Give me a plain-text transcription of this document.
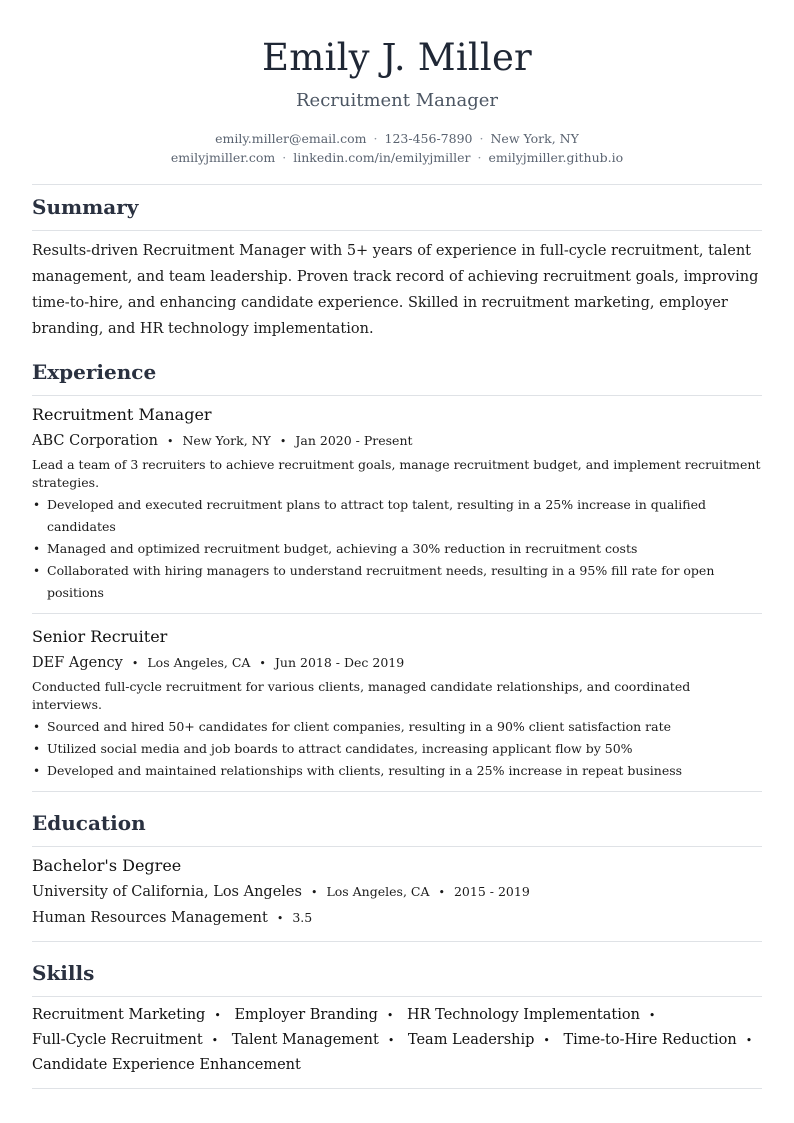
Emily J. Miller
Recruitment Manager
emily.miller@email.com · 123-456-7890 · New York, NY
emilyjmiller.com · linkedin.com/in/emilyjmiller · emilyjmiller.github.io
Summary

Results-driven Recruitment Manager with 5+ years of experience in full-cycle recruitment, talent management, and team leadership. Proven track record of achieving recruitment goals, improving time-to-hire, and enhancing candidate experience. Skilled in recruitment marketing, employer branding, and HR technology implementation.

Experience
Recruitment Manager
ABC Corporation • New York, NY • Jan 2020 - Present
Lead a team of 3 recruiters to achieve recruitment goals, manage recruitment budget, and implement recruitment strategies.
• Developed and executed recruitment plans to attract top talent, resulting in a 25% increase in qualified candidates
• Managed and optimized recruitment budget, achieving a 30% reduction in recruitment costs
• Collaborated with hiring managers to understand recruitment needs, resulting in a 95% fill rate for open positions
Senior Recruiter
DEF Agency • Los Angeles, CA • Jun 2018 - Dec 2019
Conducted full-cycle recruitment for various clients, managed candidate relationships, and coordinated interviews.
• Sourced and hired 50+ candidates for client companies, resulting in a 90% client satisfaction rate
• Utilized social media and job boards to attract candidates, increasing applicant flow by 50%
• Developed and maintained relationships with clients, resulting in a 25% increase in repeat business
Education
Bachelor's Degree
University of California, Los Angeles • Los Angeles, CA • 2015 - 2019
Human Resources Management • 3.5
Skills
Recruitment Marketing • Employer Branding • HR Technology Implementation •
Full-Cycle Recruitment • Talent Management • Team Leadership • Time-to-Hire Reduction •
Candidate Experience Enhancement
